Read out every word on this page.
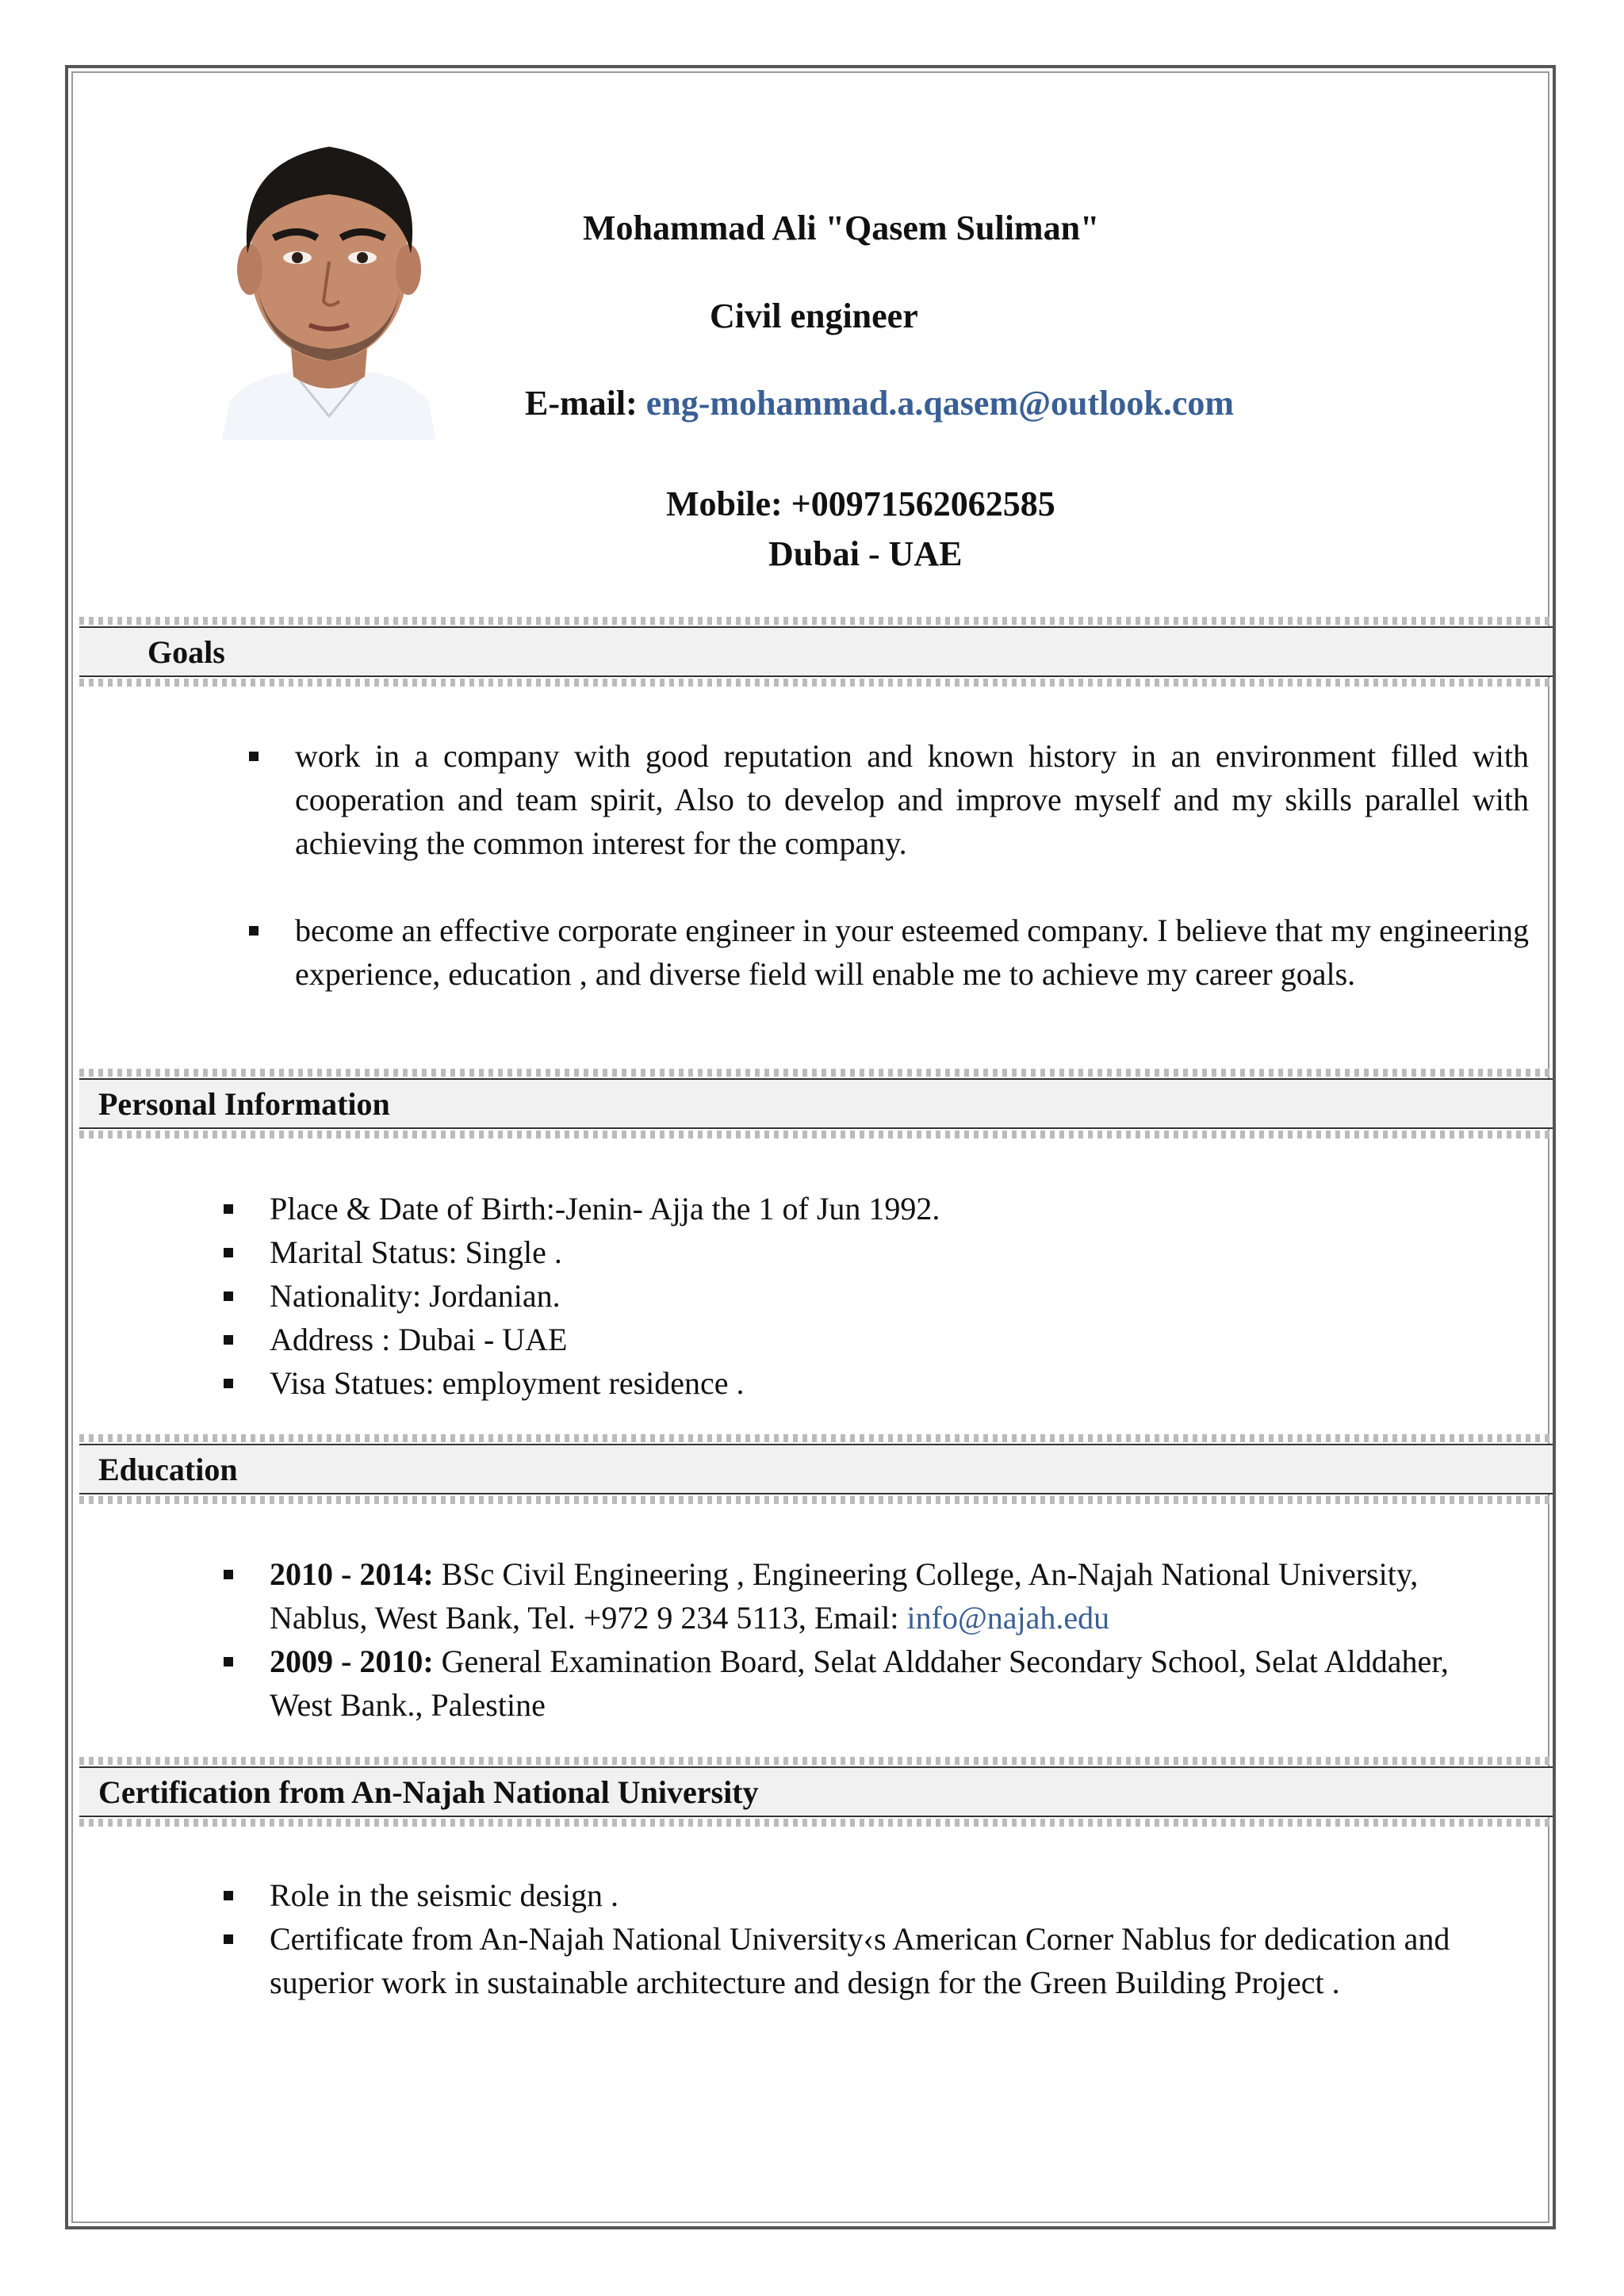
Mohammad Ali "Qasem Suliman"
Civil engineer
E-mail: eng-mohammad.a.qasem@outlook.com
Mobile: +00971562062585
Dubai - UAE
Goals
work in a company with good reputation and known history in an environment filled with cooperation and team spirit, Also to develop and improve myself and my skills parallel with achieving the common interest for the company.
become an effective corporate engineer in your esteemed company. I believe that my engineering experience, education , and diverse field will enable me to achieve my career goals.
Personal Information
Place & Date of Birth:-Jenin- Ajja the 1 of Jun 1992.
Marital Status: Single .
Nationality: Jordanian.
Address : Dubai - UAE
Visa Statues: employment residence .
Education
2010 - 2014: BSc Civil Engineering , Engineering College, An-Najah National University, Nablus, West Bank, Tel. +972 9 234 5113, Email: info@najah.edu
2009 - 2010: General Examination Board, Selat Alddaher Secondary School, Selat Alddaher, West Bank., Palestine
Certification from An-Najah National University
Role in the seismic design .
Certificate from An-Najah National University‹s American Corner Nablus for dedication and superior work in sustainable architecture and design for the Green Building Project .
